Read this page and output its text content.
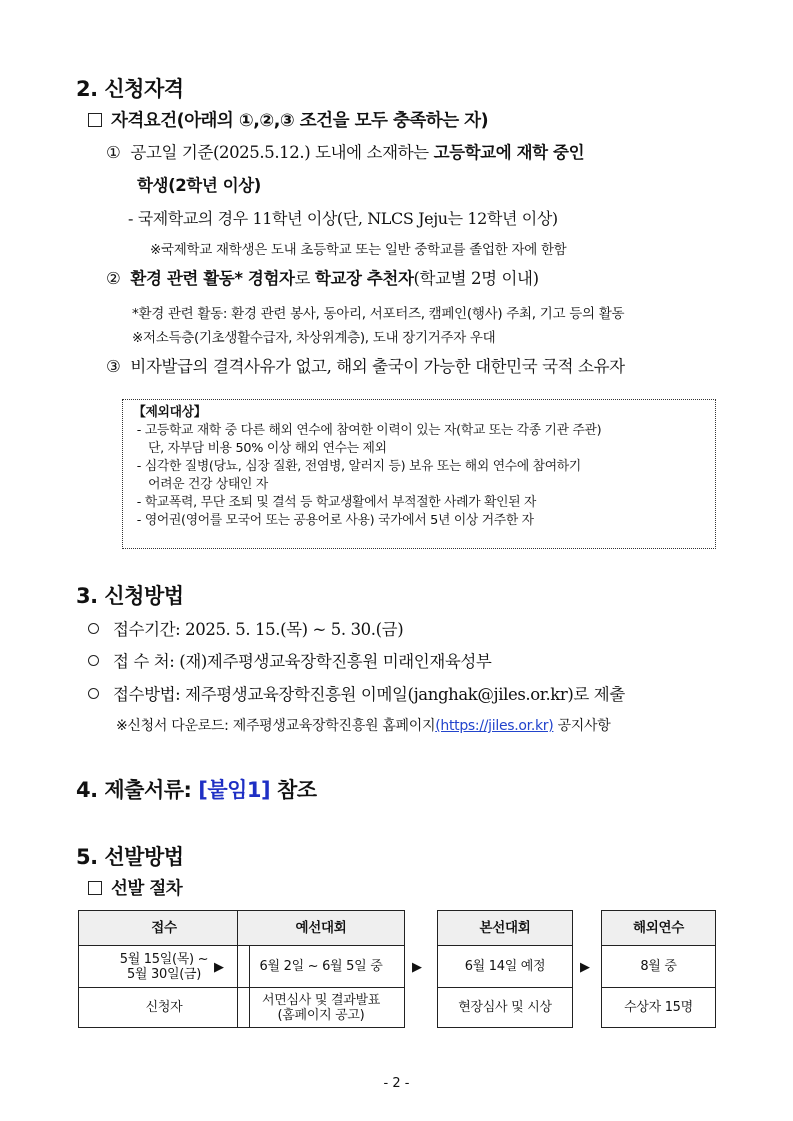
2. 신청자격
자격요건(아래의 ①,②,③ 조건을 모두 충족하는 자)
① 공고일 기준(2025.5.12.) 도내에 소재하는 고등학교에 재학 중인
학생(2학년 이상)
- 국제학교의 경우 11학년 이상(단, NLCS Jeju는 12학년 이상)
※국제학교 재학생은 도내 초등학교 또는 일반 중학교를 졸업한 자에 한함
② 환경 관련 활동* 경험자로 학교장 추천자(학교별 2명 이내)
*환경 관련 활동: 환경 관련 봉사, 동아리, 서포터즈, 캠페인(행사) 주최, 기고 등의 활동
※저소득층(기초생활수급자, 차상위계층), 도내 장기거주자 우대
③ 비자발급의 결격사유가 없고, 해외 출국이 가능한 대한민국 국적 소유자
【제외대상】
- 고등학교 재학 중 다른 해외 연수에 참여한 이력이 있는 자(학교 또는 각종 기관 주관)
단, 자부담 비용 50% 이상 해외 연수는 제외
- 심각한 질병(당뇨, 심장 질환, 전염병, 알러지 등) 보유 또는 해외 연수에 참여하기
어려운 건강 상태인 자
- 학교폭력, 무단 조퇴 및 결석 등 학교생활에서 부적절한 사례가 확인된 자
- 영어권(영어를 모국어 또는 공용어로 사용) 국가에서 5년 이상 거주한 자
3. 신청방법
접수기간: 2025. 5. 15.(목) ~ 5. 30.(금)
접 수 처: (재)제주평생교육장학진흥원 미래인재육성부
접수방법: 제주평생교육장학진흥원 이메일(janghak@jiles.or.kr)로 제출
※신청서 다운로드: 제주평생교육장학진흥원 홈페이지(https://jiles.or.kr) 공지사항
4. 제출서류: [붙임1] 참조
5. 선발방법
선발 절차
접수
5월 15일(목) ~
5월 30일(금)
신청자
▶
예선대회
6월 2일 ~ 6월 5일 중
서면심사 및 결과발표
(홈페이지 공고)
▶
본선대회
6월 14일 예정
현장심사 및 시상
▶
해외연수
8월 중
수상자 15명
- 2 -
